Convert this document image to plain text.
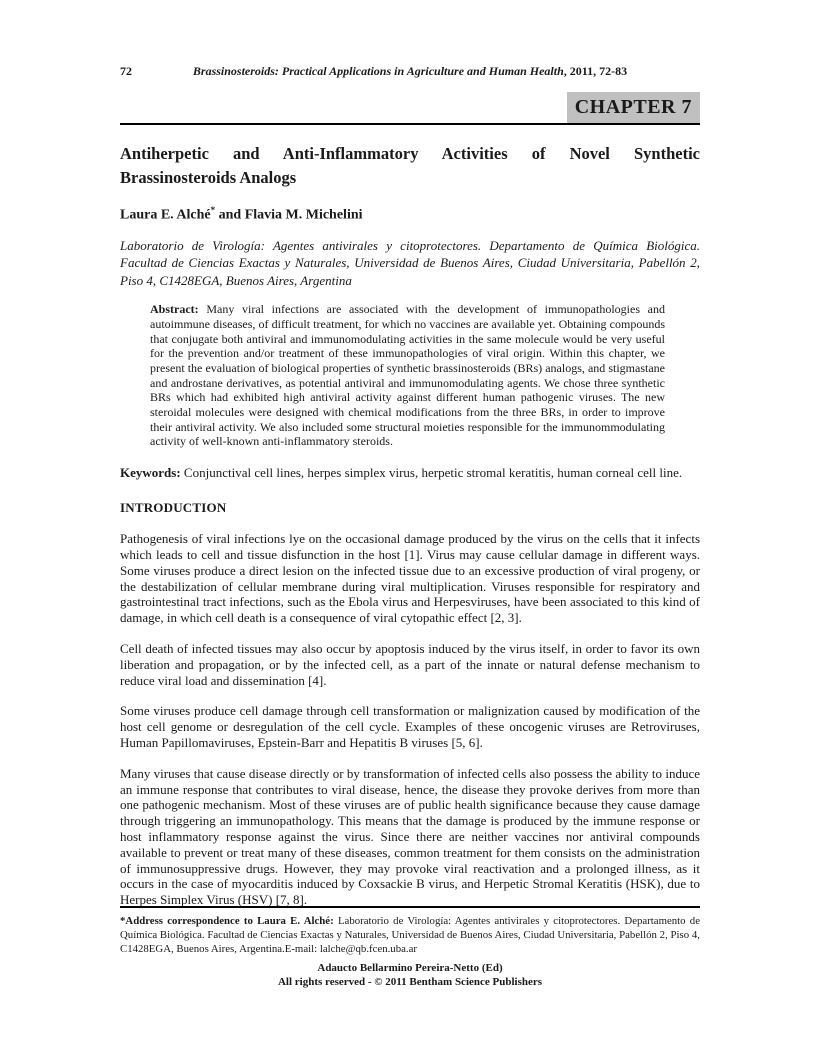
72	Brassinosteroids: Practical Applications in Agriculture and Human Health, 2011, 72-83
CHAPTER 7
Antiherpetic and Anti-Inflammatory Activities of Novel Synthetic Brassinosteroids Analogs
Laura E. Alché* and Flavia M. Michelini
Laboratorio de Virología: Agentes antivirales y citoprotectores. Departamento de Química Biológica. Facultad de Ciencias Exactas y Naturales, Universidad de Buenos Aires, Ciudad Universitaria, Pabellón 2, Piso 4, C1428EGA, Buenos Aires, Argentina
Abstract: Many viral infections are associated with the development of immunopathologies and autoimmune diseases, of difficult treatment, for which no vaccines are available yet. Obtaining compounds that conjugate both antiviral and immunomodulating activities in the same molecule would be very useful for the prevention and/or treatment of these immunopathologies of viral origin. Within this chapter, we present the evaluation of biological properties of synthetic brassinosteroids (BRs) analogs, and stigmastane and androstane derivatives, as potential antiviral and immunomodulating agents. We chose three synthetic BRs which had exhibited high antiviral activity against different human pathogenic viruses. The new steroidal molecules were designed with chemical modifications from the three BRs, in order to improve their antiviral activity. We also included some structural moieties responsible for the immunommodulating activity of well-known anti-inflammatory steroids.
Keywords: Conjunctival cell lines, herpes simplex virus, herpetic stromal keratitis, human corneal cell line.
INTRODUCTION

Pathogenesis of viral infections lye on the occasional damage produced by the virus on the cells that it infects which leads to cell and tissue disfunction in the host [1]. Virus may cause cellular damage in different ways. Some viruses produce a direct lesion on the infected tissue due to an excessive production of viral progeny, or the destabilization of cellular membrane during viral multiplication. Viruses responsible for respiratory and gastrointestinal tract infections, such as the Ebola virus and Herpesviruses, have been associated to this kind of damage, in which cell death is a consequence of viral cytopathic effect [2, 3].

Cell death of infected tissues may also occur by apoptosis induced by the virus itself, in order to favor its own liberation and propagation, or by the infected cell, as a part of the innate or natural defense mechanism to reduce viral load and dissemination [4].

Some viruses produce cell damage through cell transformation or malignization caused by modification of the host cell genome or desregulation of the cell cycle. Examples of these oncogenic viruses are Retroviruses, Human Papillomaviruses, Epstein-Barr and Hepatitis B viruses [5, 6].

Many viruses that cause disease directly or by transformation of infected cells also possess the ability to induce an immune response that contributes to viral disease, hence, the disease they provoke derives from more than one pathogenic mechanism. Most of these viruses are of public health significance because they cause damage through triggering an immunopathology. This means that the damage is produced by the immune response or host inflammatory response against the virus. Since there are neither vaccines nor antiviral compounds available to prevent or treat many of these diseases, common treatment for them consists on the administration of immunosuppressive drugs. However, they may provoke viral reactivation and a prolonged illness, as it occurs in the case of myocarditis induced by Coxsackie B virus, and Herpetic Stromal Keratitis (HSK), due to Herpes Simplex Virus (HSV) [7, 8].

*Address correspondence to Laura E. Alché: Laboratorio de Virología: Agentes antivirales y citoprotectores. Departamento de Química Biológica. Facultad de Ciencias Exactas y Naturales, Universidad de Buenos Aires, Ciudad Universitaria, Pabellón 2, Piso 4, C1428EGA, Buenos Aires, Argentina.E-mail: lalche@qb.fcen.uba.ar
Adaucto Bellarmino Pereira-Netto (Ed)
All rights reserved - © 2011 Bentham Science Publishers
